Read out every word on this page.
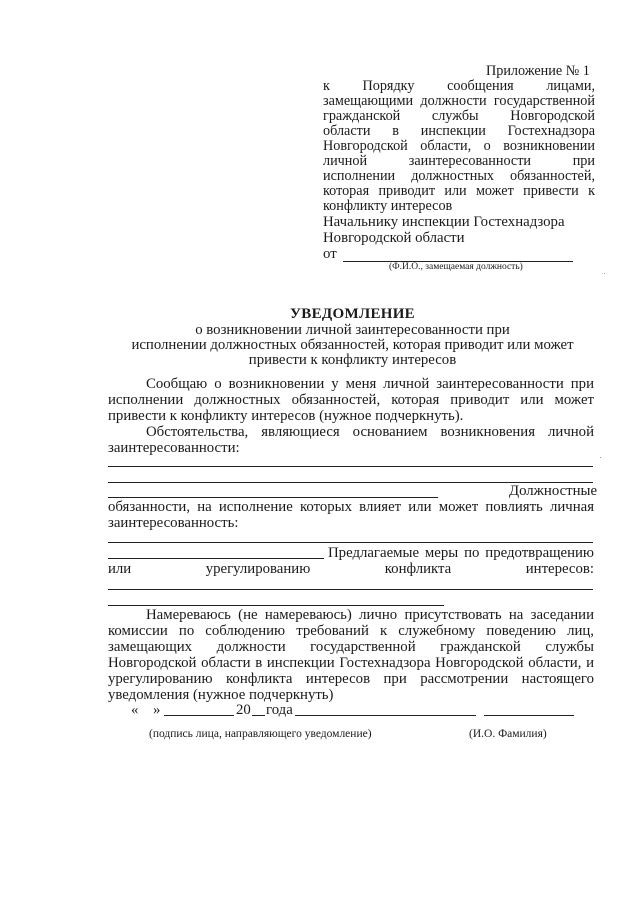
Приложение № 1
к Порядку сообщения лицами,
замещающими должности государственной
гражданской службы Новгородской
области в инспекции Гостехнадзора
Новгородской области, о возникновении
личной заинтересованности при
исполнении должностных обязанностей,
которая приводит или может привести к
конфликту интересов
Начальнику инспекции Гостехнадзора
Новгородской области
от
(Ф.И.О., замещаемая должность)
УВЕДОМЛЕНИЕ
о возникновении личной заинтересованности при
исполнении должностных обязанностей, которая приводит или может
привести к конфликту интересов
Сообщаю о возникновении у меня личной заинтересованности при
исполнении должностных обязанностей, которая приводит или может
привести к конфликту интересов (нужное подчеркнуть).
Обстоятельства, являющиеся основанием возникновения личной
заинтересованности:
Должностные
обязанности, на исполнение которых влияет или может повлиять личная
заинтересованность:
Предлагаемые меры по предотвращению
или урегулированию конфликта интересов:
Намереваюсь (не намереваюсь) лично присутствовать на заседании
комиссии по соблюдению требований к служебному поведению лиц,
замещающих должности государственной гражданской службы
Новгородской области в инспекции Гостехнадзора Новгородской области, и
урегулированию конфликта интересов при рассмотрении настоящего
уведомления (нужное подчеркнуть)
« »	20 года
(подпись лица, направляющего уведомление)	(И.О. Фамилия)
